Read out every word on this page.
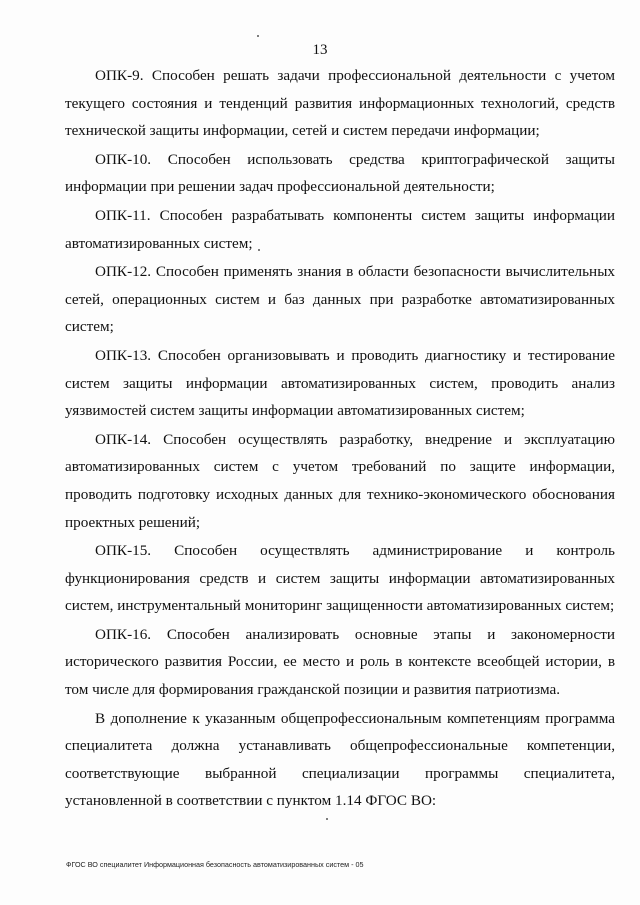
13

ОПК-9. Способен решать задачи профессиональной деятельности с учетом текущего состояния и тенденций развития информационных технологий, средств технической защиты информации, сетей и систем передачи информации;

ОПК-10. Способен использовать средства криптографической защиты информации при решении задач профессиональной деятельности;

ОПК-11. Способен разрабатывать компоненты систем защиты информации автоматизированных систем;

ОПК-12. Способен применять знания в области безопасности вычислительных сетей, операционных систем и баз данных при разработке автоматизированных систем;

ОПК-13. Способен организовывать и проводить диагностику и тестирование систем защиты информации автоматизированных систем, проводить анализ уязвимостей систем защиты информации автоматизированных систем;

ОПК-14. Способен осуществлять разработку, внедрение и эксплуатацию автоматизированных систем с учетом требований по защите информации, проводить подготовку исходных данных для технико-экономического обоснования проектных решений;

ОПК-15. Способен осуществлять администрирование и контроль функционирования средств и систем защиты информации автоматизированных систем, инструментальный мониторинг защищенности автоматизированных систем;

ОПК-16. Способен анализировать основные этапы и закономерности исторического развития России, ее место и роль в контексте всеобщей истории, в том числе для формирования гражданской позиции и развития патриотизма.

В дополнение к указанным общепрофессиональным компетенциям программа специалитета должна устанавливать общепрофессиональные компетенции, соответствующие выбранной специализации программы специалитета, установленной в соответствии с пунктом 1.14 ФГОС ВО:

ФГОС ВО специалитет Информационная безопасность автоматизированных систем - 05
